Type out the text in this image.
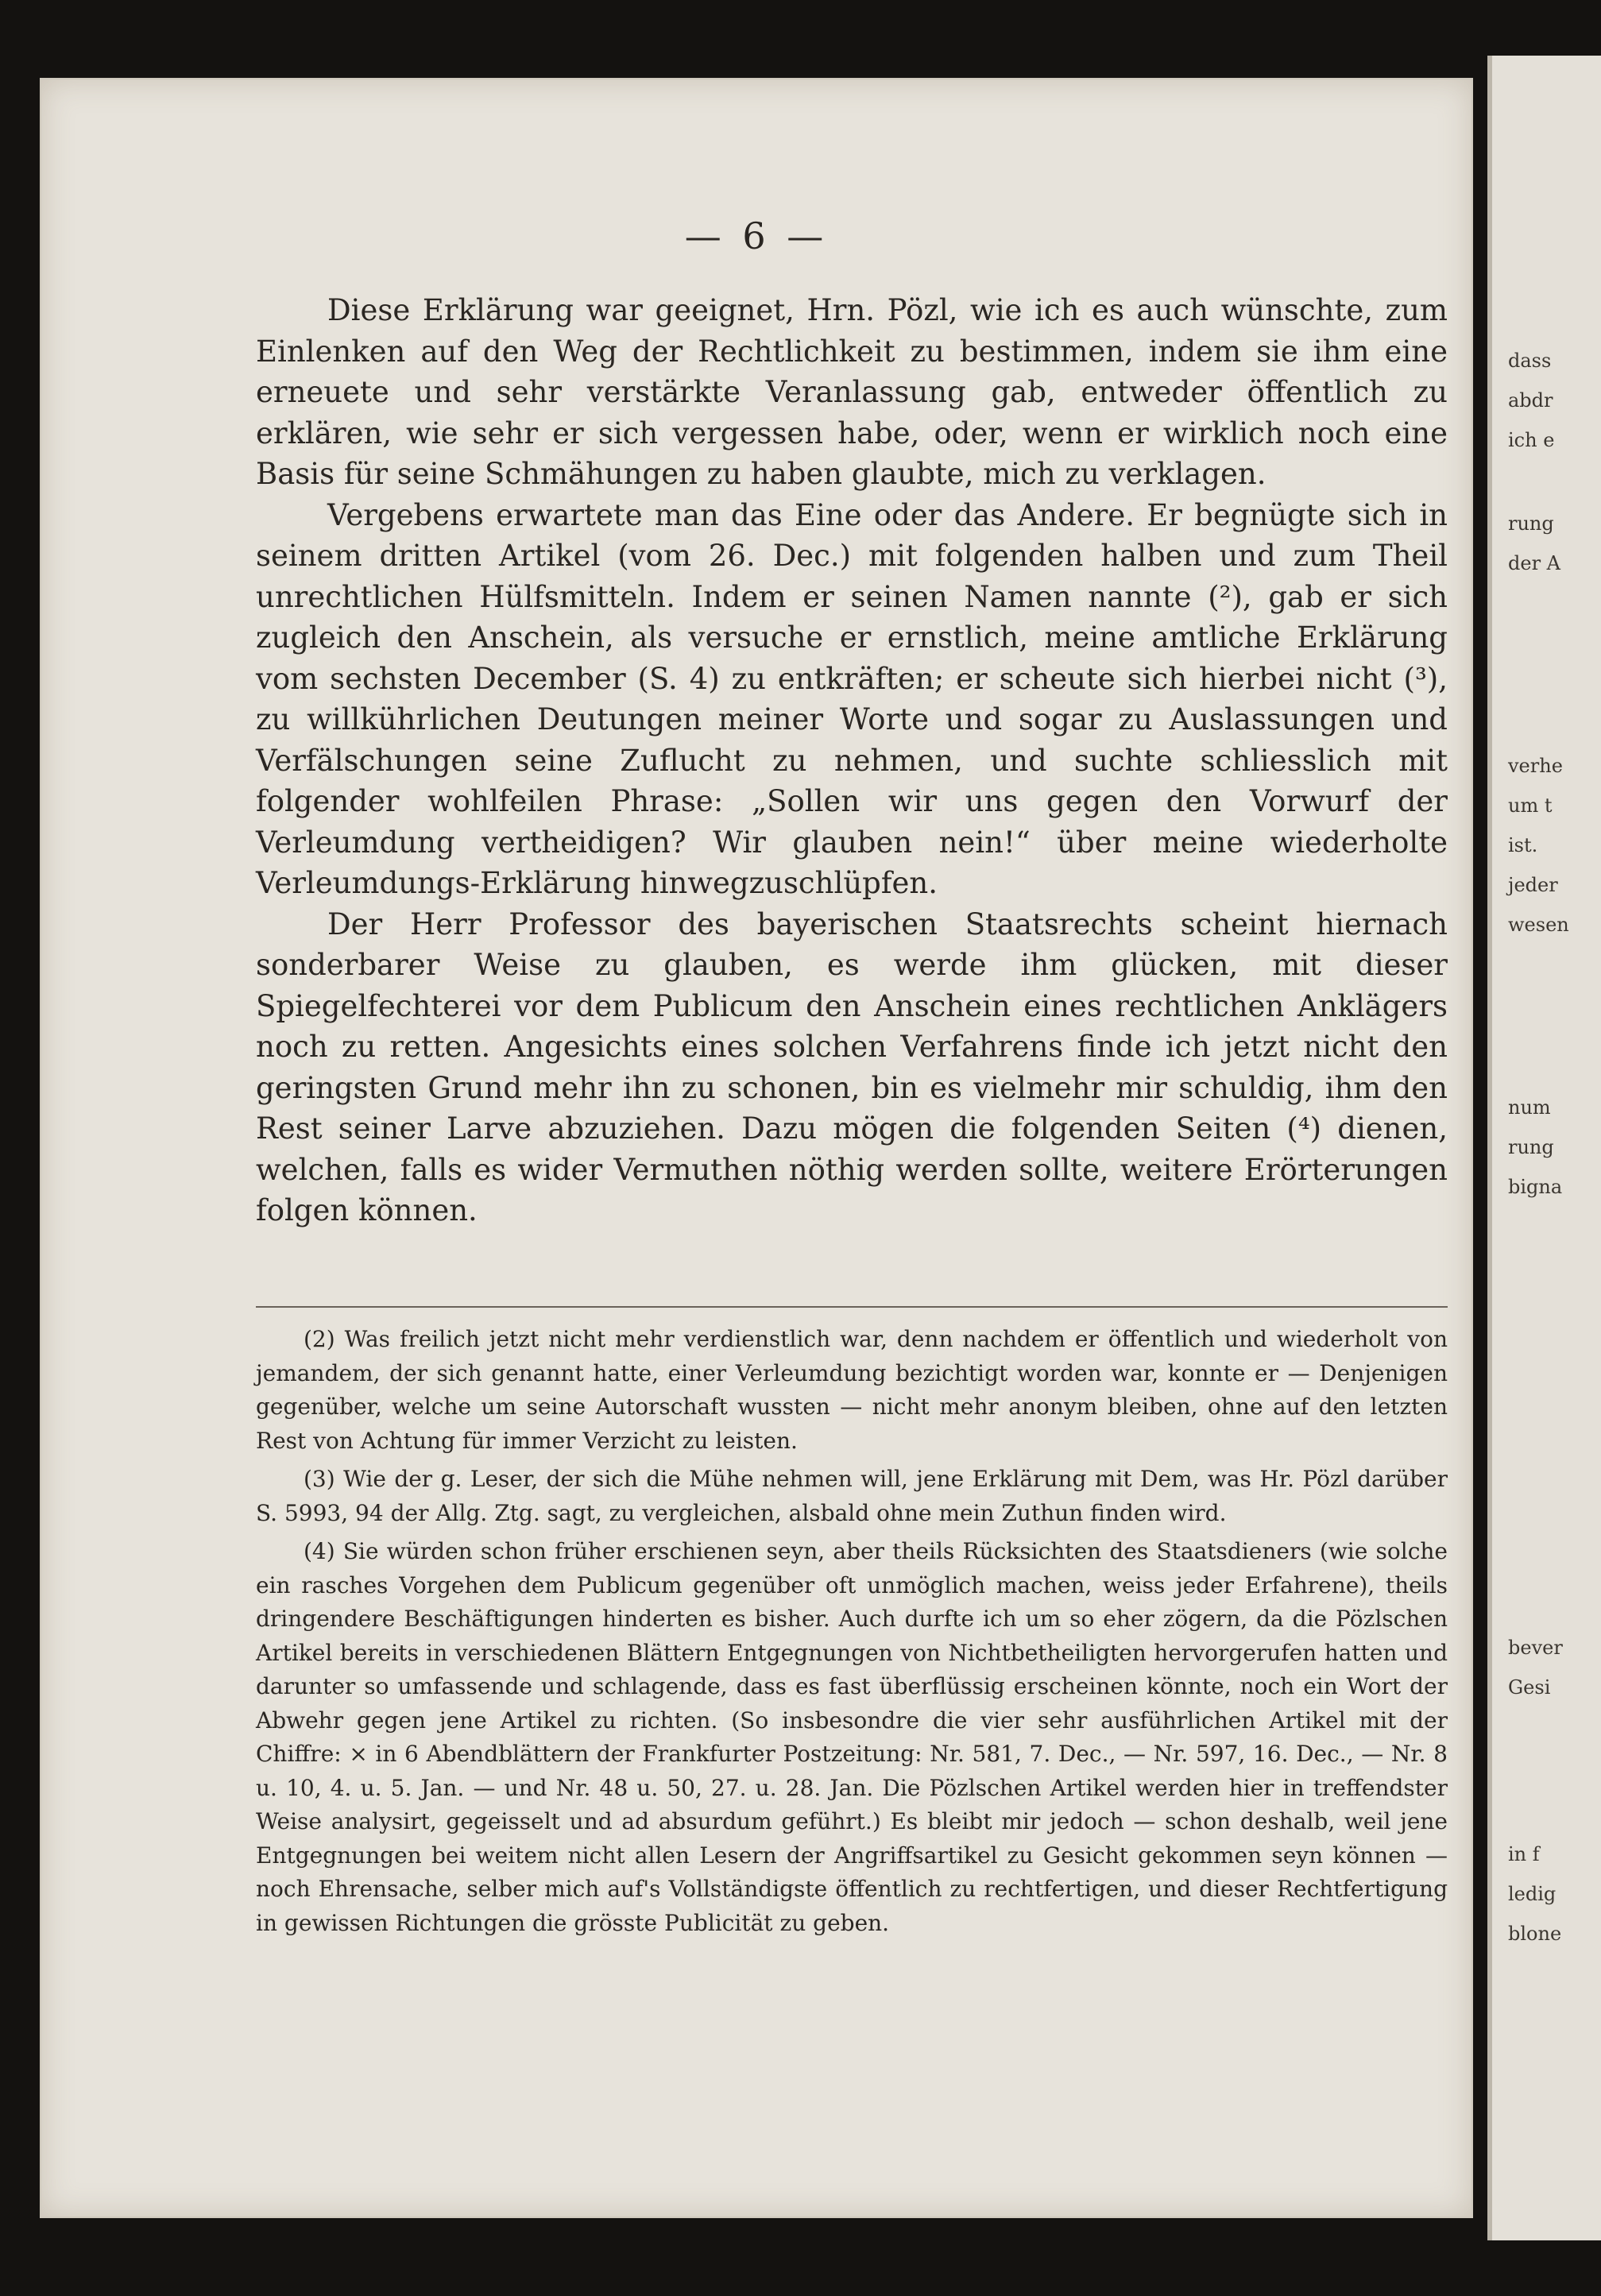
— 6 —

Diese Erklärung war geeignet, Hrn. Pözl, wie ich es auch wünschte, zum Einlenken auf den Weg der Rechtlichkeit zu bestimmen, indem sie ihm eine erneuete und sehr verstärkte Veranlassung gab, entweder öffentlich zu erklären, wie sehr er sich vergessen habe, oder, wenn er wirklich noch eine Basis für seine Schmähungen zu haben glaubte, mich zu verklagen.

Vergebens erwartete man das Eine oder das Andere. Er begnügte sich in seinem dritten Artikel (vom 26. Dec.) mit folgenden halben und zum Theil unrechtlichen Hülfsmitteln. Indem er seinen Namen nannte (²), gab er sich zugleich den Anschein, als versuche er ernstlich, meine amtliche Erklärung vom sechsten December (S. 4) zu entkräften; er scheute sich hierbei nicht (³), zu willkührlichen Deutungen meiner Worte und sogar zu Auslassungen und Verfälschungen seine Zuflucht zu nehmen, und suchte schliesslich mit folgender wohlfeilen Phrase: „Sollen wir uns gegen den Vorwurf der Verleumdung vertheidigen? Wir glauben nein!“ über meine wiederholte Verleumdungs-Erklärung hinwegzuschlüpfen.

Der Herr Professor des bayerischen Staatsrechts scheint hiernach sonderbarer Weise zu glauben, es werde ihm glücken, mit dieser Spiegelfechterei vor dem Publicum den Anschein eines rechtlichen Anklägers noch zu retten. Angesichts eines solchen Verfahrens finde ich jetzt nicht den geringsten Grund mehr ihn zu schonen, bin es vielmehr mir schuldig, ihm den Rest seiner Larve abzuziehen. Dazu mögen die folgenden Seiten (⁴) dienen, welchen, falls es wider Vermuthen nöthig werden sollte, weitere Erörterungen folgen können.

(2) Was freilich jetzt nicht mehr verdienstlich war, denn nachdem er öffentlich und wiederholt von jemandem, der sich genannt hatte, einer Verleumdung bezichtigt worden war, konnte er — Denjenigen gegenüber, welche um seine Autorschaft wussten — nicht mehr anonym bleiben, ohne auf den letzten Rest von Achtung für immer Verzicht zu leisten.

(3) Wie der g. Leser, der sich die Mühe nehmen will, jene Erklärung mit Dem, was Hr. Pözl darüber S. 5993, 94 der Allg. Ztg. sagt, zu vergleichen, alsbald ohne mein Zuthun finden wird.

(4) Sie würden schon früher erschienen seyn, aber theils Rücksichten des Staatsdieners (wie solche ein rasches Vorgehen dem Publicum gegenüber oft unmöglich machen, weiss jeder Erfahrene), theils dringendere Beschäftigungen hinderten es bisher. Auch durfte ich um so eher zögern, da die Pözlschen Artikel bereits in verschiedenen Blättern Entgegnungen von Nichtbetheiligten hervorgerufen hatten und darunter so umfassende und schlagende, dass es fast überflüssig erscheinen könnte, noch ein Wort der Abwehr gegen jene Artikel zu richten. (So insbesondre die vier sehr ausführlichen Artikel mit der Chiffre: ⨯ in 6 Abendblättern der Frankfurter Postzeitung: Nr. 581, 7. Dec., — Nr. 597, 16. Dec., — Nr. 8 u. 10, 4. u. 5. Jan. — und Nr. 48 u. 50, 27. u. 28. Jan. Die Pözlschen Artikel werden hier in treffendster Weise analysirt, gegeisselt und ad absurdum geführt.) Es bleibt mir jedoch — schon deshalb, weil jene Entgegnungen bei weitem nicht allen Lesern der Angriffsartikel zu Gesicht gekommen seyn können — noch Ehrensache, selber mich auf's Vollständigste öffentlich zu rechtfertigen, und dieser Rechtfertigung in gewissen Richtungen die grösste Publicität zu geben.

dass
abdr
ich e
rung
der A
verhe
um t
ist.
jeder
wesen
num
rung
bigna
bever
Gesi
in f
ledig
blone
